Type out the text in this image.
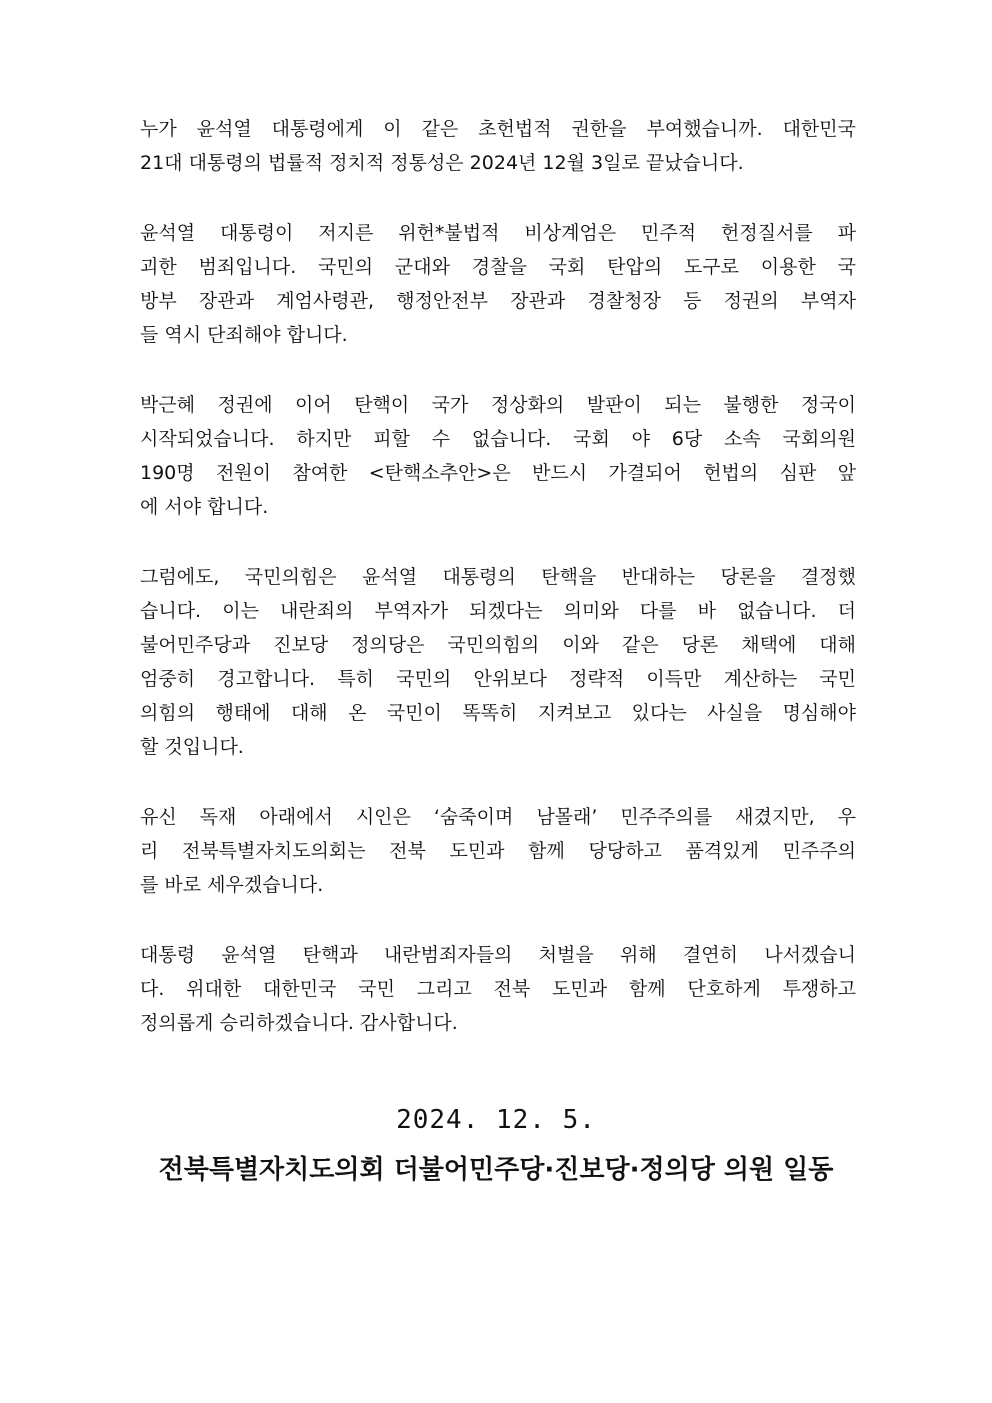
누가 윤석열 대통령에게 이 같은 초헌법적 권한을 부여했습니까. 대한민국
21대 대통령의 법률적 정치적 정통성은 2024년 12월 3일로 끝났습니다.
윤석열 대통령이 저지른 위헌*불법적 비상계엄은 민주적 헌정질서를 파
괴한 범죄입니다. 국민의 군대와 경찰을 국회 탄압의 도구로 이용한 국
방부 장관과 계엄사령관, 행정안전부 장관과 경찰청장 등 정권의 부역자
들 역시 단죄해야 합니다.
박근혜 정권에 이어 탄핵이 국가 정상화의 발판이 되는 불행한 정국이
시작되었습니다. 하지만 피할 수 없습니다. 국회 야 6당 소속 국회의원
190명 전원이 참여한 <탄핵소추안>은 반드시 가결되어 헌법의 심판 앞
에 서야 합니다.
그럼에도, 국민의힘은 윤석열 대통령의 탄핵을 반대하는 당론을 결정했
습니다. 이는 내란죄의 부역자가 되겠다는 의미와 다를 바 없습니다. 더
불어민주당과 진보당 정의당은 국민의힘의 이와 같은 당론 채택에 대해
엄중히 경고합니다. 특히 국민의 안위보다 정략적 이득만 계산하는 국민
의힘의 행태에 대해 온 국민이 똑똑히 지켜보고 있다는 사실을 명심해야
할 것입니다.
유신 독재 아래에서 시인은 ‘숨죽이며 남몰래’ 민주주의를 새겼지만, 우
리 전북특별자치도의회는 전북 도민과 함께 당당하고 품격있게 민주주의
를 바로 세우겠습니다.
대통령 윤석열 탄핵과 내란범죄자들의 처벌을 위해 결연히 나서겠습니
다. 위대한 대한민국 국민 그리고 전북 도민과 함께 단호하게 투쟁하고
정의롭게 승리하겠습니다. 감사합니다.
2024. 12. 5.
전북특별자치도의회 더불어민주당·진보당·정의당 의원 일동
